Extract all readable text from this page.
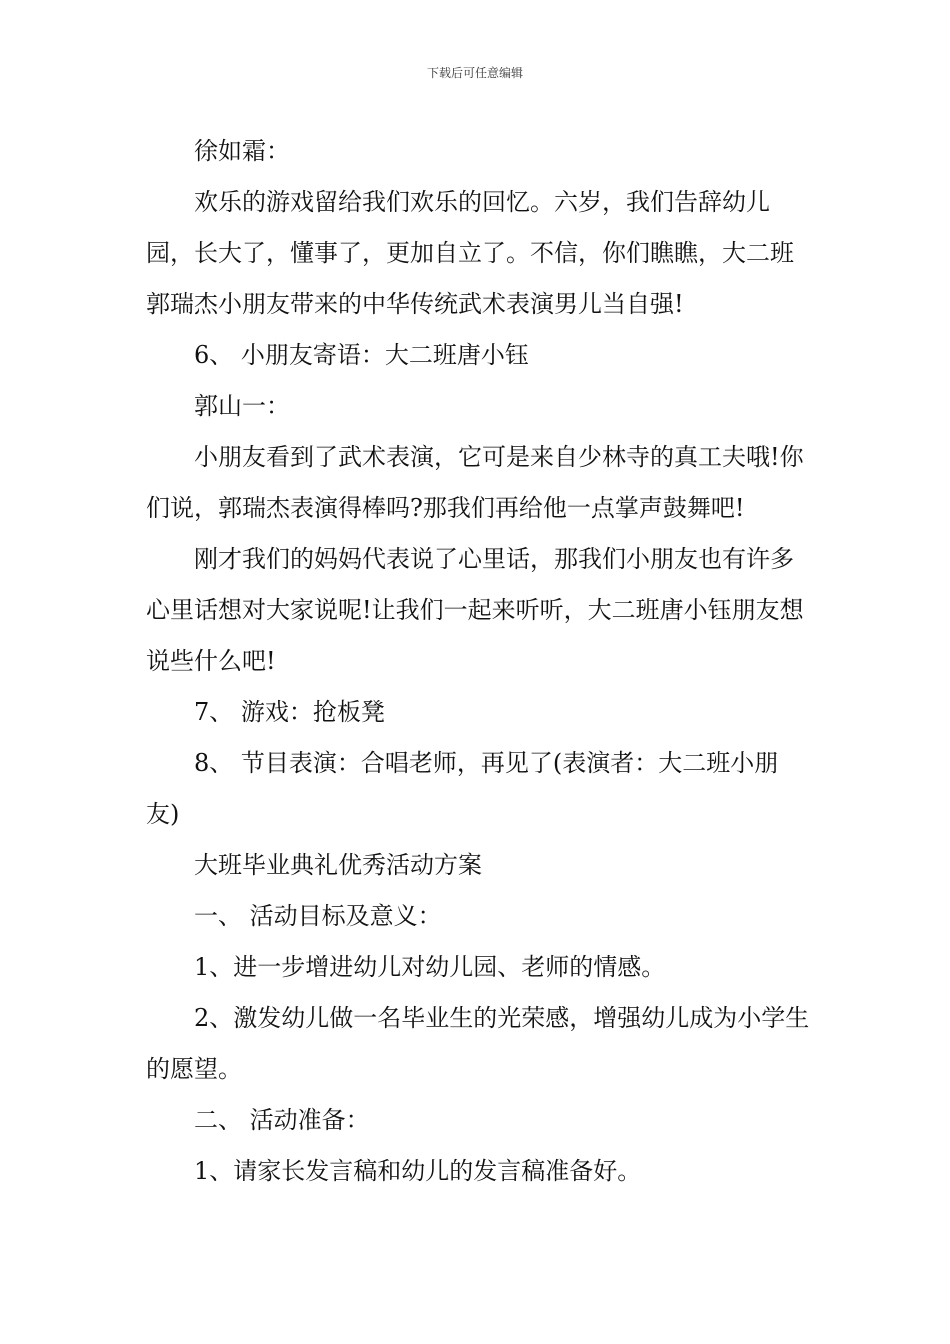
下载后可任意编辑

徐如霜：

欢乐的游戏留给我们欢乐的回忆。六岁，我们告辞幼儿园，长大了，懂事了，更加自立了。不信，你们瞧瞧，大二班郭瑞杰小朋友带来的中华传统武术表演男儿当自强!

6、 小朋友寄语：大二班唐小钰

郭山一：

小朋友看到了武术表演，它可是来自少林寺的真工夫哦!你们说，郭瑞杰表演得棒吗?那我们再给他一点掌声鼓舞吧!

刚才我们的妈妈代表说了心里话，那我们小朋友也有许多心里话想对大家说呢!让我们一起来听听，大二班唐小钰朋友想说些什么吧!

7、 游戏：抢板凳

8、 节目表演：合唱老师，再见了(表演者：大二班小朋友)

大班毕业典礼优秀活动方案

一、 活动目标及意义：

1、进一步增进幼儿对幼儿园、老师的情感。

2、激发幼儿做一名毕业生的光荣感，增强幼儿成为小学生的愿望。

二、 活动准备：

1、请家长发言稿和幼儿的发言稿准备好。
